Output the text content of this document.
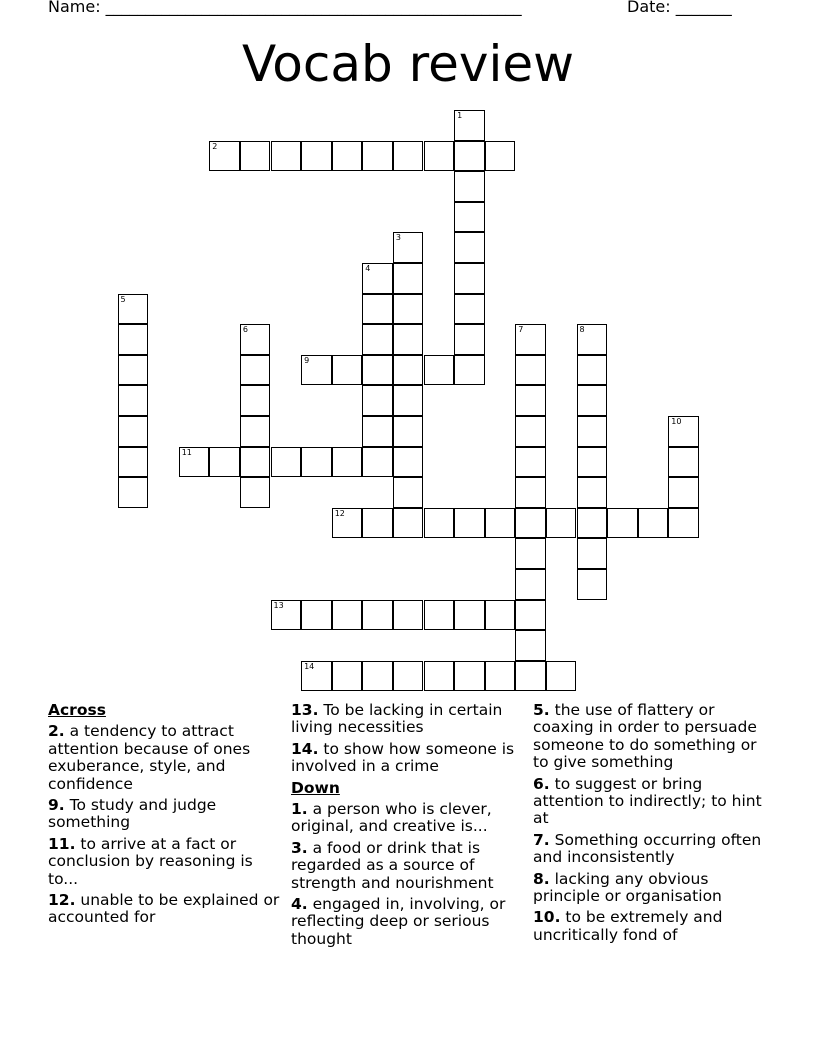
Name: ____________________________________________________	Date: _______
Vocab review
1
2
3
4
5
6	7	8
9
10
11
12
13
14
Across
2. a tendency to attract attention because of ones exuberance, style, and confidence
9. To study and judge something
11. to arrive at a fact or conclusion by reasoning is to...
12. unable to be explained or accounted for
13. To be lacking in certain living necessities
14. to show how someone is involved in a crime
Down
1. a person who is clever, original, and creative is...
3. a food or drink that is regarded as a source of strength and nourishment
4. engaged in, involving, or reflecting deep or serious thought
5. the use of flattery or coaxing in order to persuade someone to do something or to give something
6. to suggest or bring attention to indirectly; to hint at
7. Something occurring often and inconsistently
8. lacking any obvious principle or organisation
10. to be extremely and uncritically fond of
